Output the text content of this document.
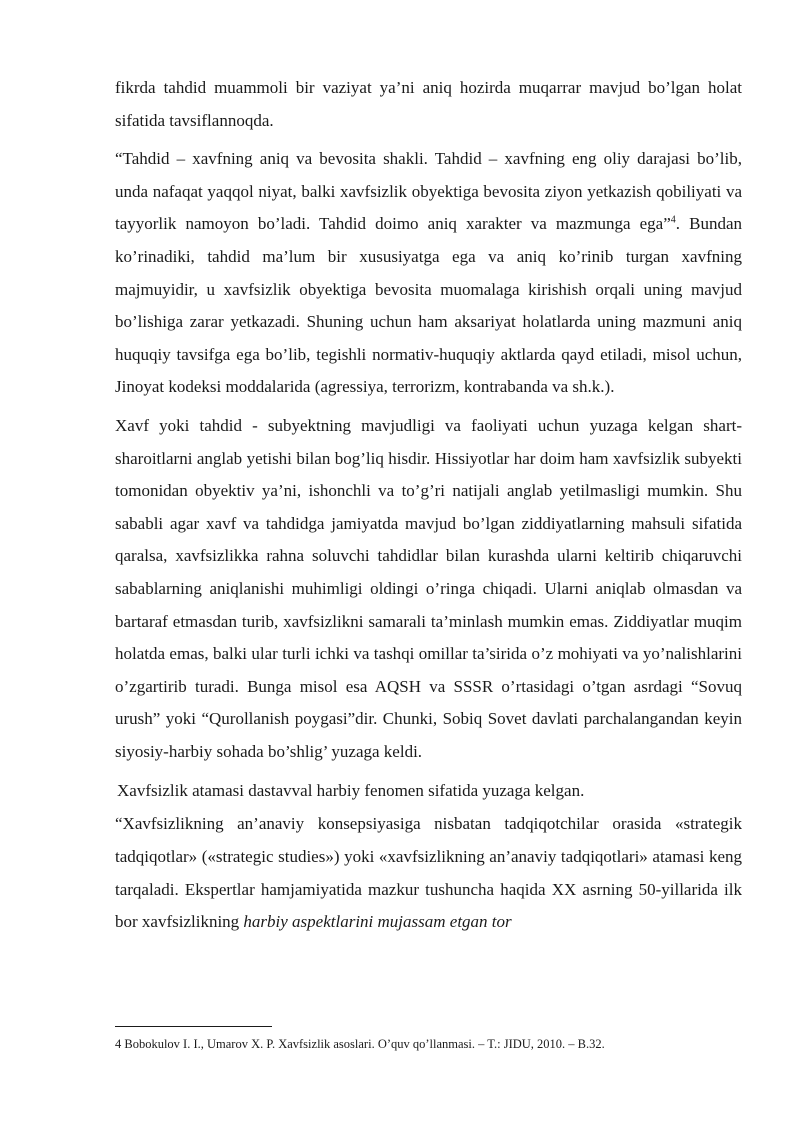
fikrda tahdid muammoli bir vaziyat ya’ni aniq hozirda muqarrar mavjud bo’lgan holat sifatida tavsiflannoqda.

“Tahdid – xavfning aniq va bevosita shakli. Tahdid – xavfning eng oliy darajasi bo’lib, unda nafaqat yaqqol niyat, balki xavfsizlik obyektiga bevosita ziyon yetkazish qobiliyati va tayyorlik namoyon bo’ladi. Tahdid doimo aniq xarakter va mazmunga ega”$^4$. Bundan ko’rinadiki, tahdid ma’lum bir xususiyatga ega va aniq ko’rinib turgan xavfning majmuyidir, u xavfsizlik obyektiga bevosita muomalaga kirishish orqali uning mavjud bo’lishiga zarar yetkazadi. Shuning uchun ham aksariyat holatlarda uning mazmuni aniq huquqiy tavsifga ega bo’lib, tegishli normativ-huquqiy aktlarda qayd etiladi, misol uchun, Jinoyat kodeksi moddalarida (agressiya, terrorizm, kontrabanda va sh.k.).

Xavf yoki tahdid - subyektning mavjudligi va faoliyati uchun yuzaga kelgan shart-sharoitlarni anglab yetishi bilan bog’liq hisdir. Hissiyotlar har doim ham xavfsizlik subyekti tomonidan obyektiv ya’ni, ishonchli va to’g’ri natijali anglab yetilmasligi mumkin. Shu sababli agar xavf va tahdidga jamiyatda mavjud bo’lgan ziddiyatlarning mahsuli sifatida qaralsa, xavfsizlikka rahna soluvchi tahdidlar bilan kurashda ularni keltirib chiqaruvchi sabablarning aniqlanishi muhimligi oldingi o’ringa chiqadi. Ularni aniqlab olmasdan va bartaraf etmasdan turib, xavfsizlikni samarali ta’minlash mumkin emas. Ziddiyatlar muqim holatda emas, balki ular turli ichki va tashqi omillar ta’sirida o’z mohiyati va yo’nalishlarini o’zgartirib turadi. Bunga misol esa AQSH va SSSR o’rtasidagi o’tgan asrdagi “Sovuq urush” yoki “Qurollanish poygasi”dir. Chunki, Sobiq Sovet davlati parchalangandan keyin siyosiy-harbiy sohada bo’shlig’ yuzaga keldi.

Xavfsizlik atamasi dastavval harbiy fenomen sifatida yuzaga kelgan.

“Xavfsizlikning an’anaviy konsepsiyasiga nisbatan tadqiqotchilar orasida «strategik tadqiqotlar» («strategic studies») yoki «xavfsizlikning an’anaviy tadqiqotlari» atamasi keng tarqaladi. Ekspertlar hamjamiyatida mazkur tushuncha haqida XX asrning 50-yillarida ilk bor xavfsizlikning harbiy aspektlarini mujassam etgan tor

4 Bobokulov I. I., Umarov X. P. Xavfsizlik asoslari. O’quv qo’llanmasi. – T.: JIDU, 2010. – B.32.
